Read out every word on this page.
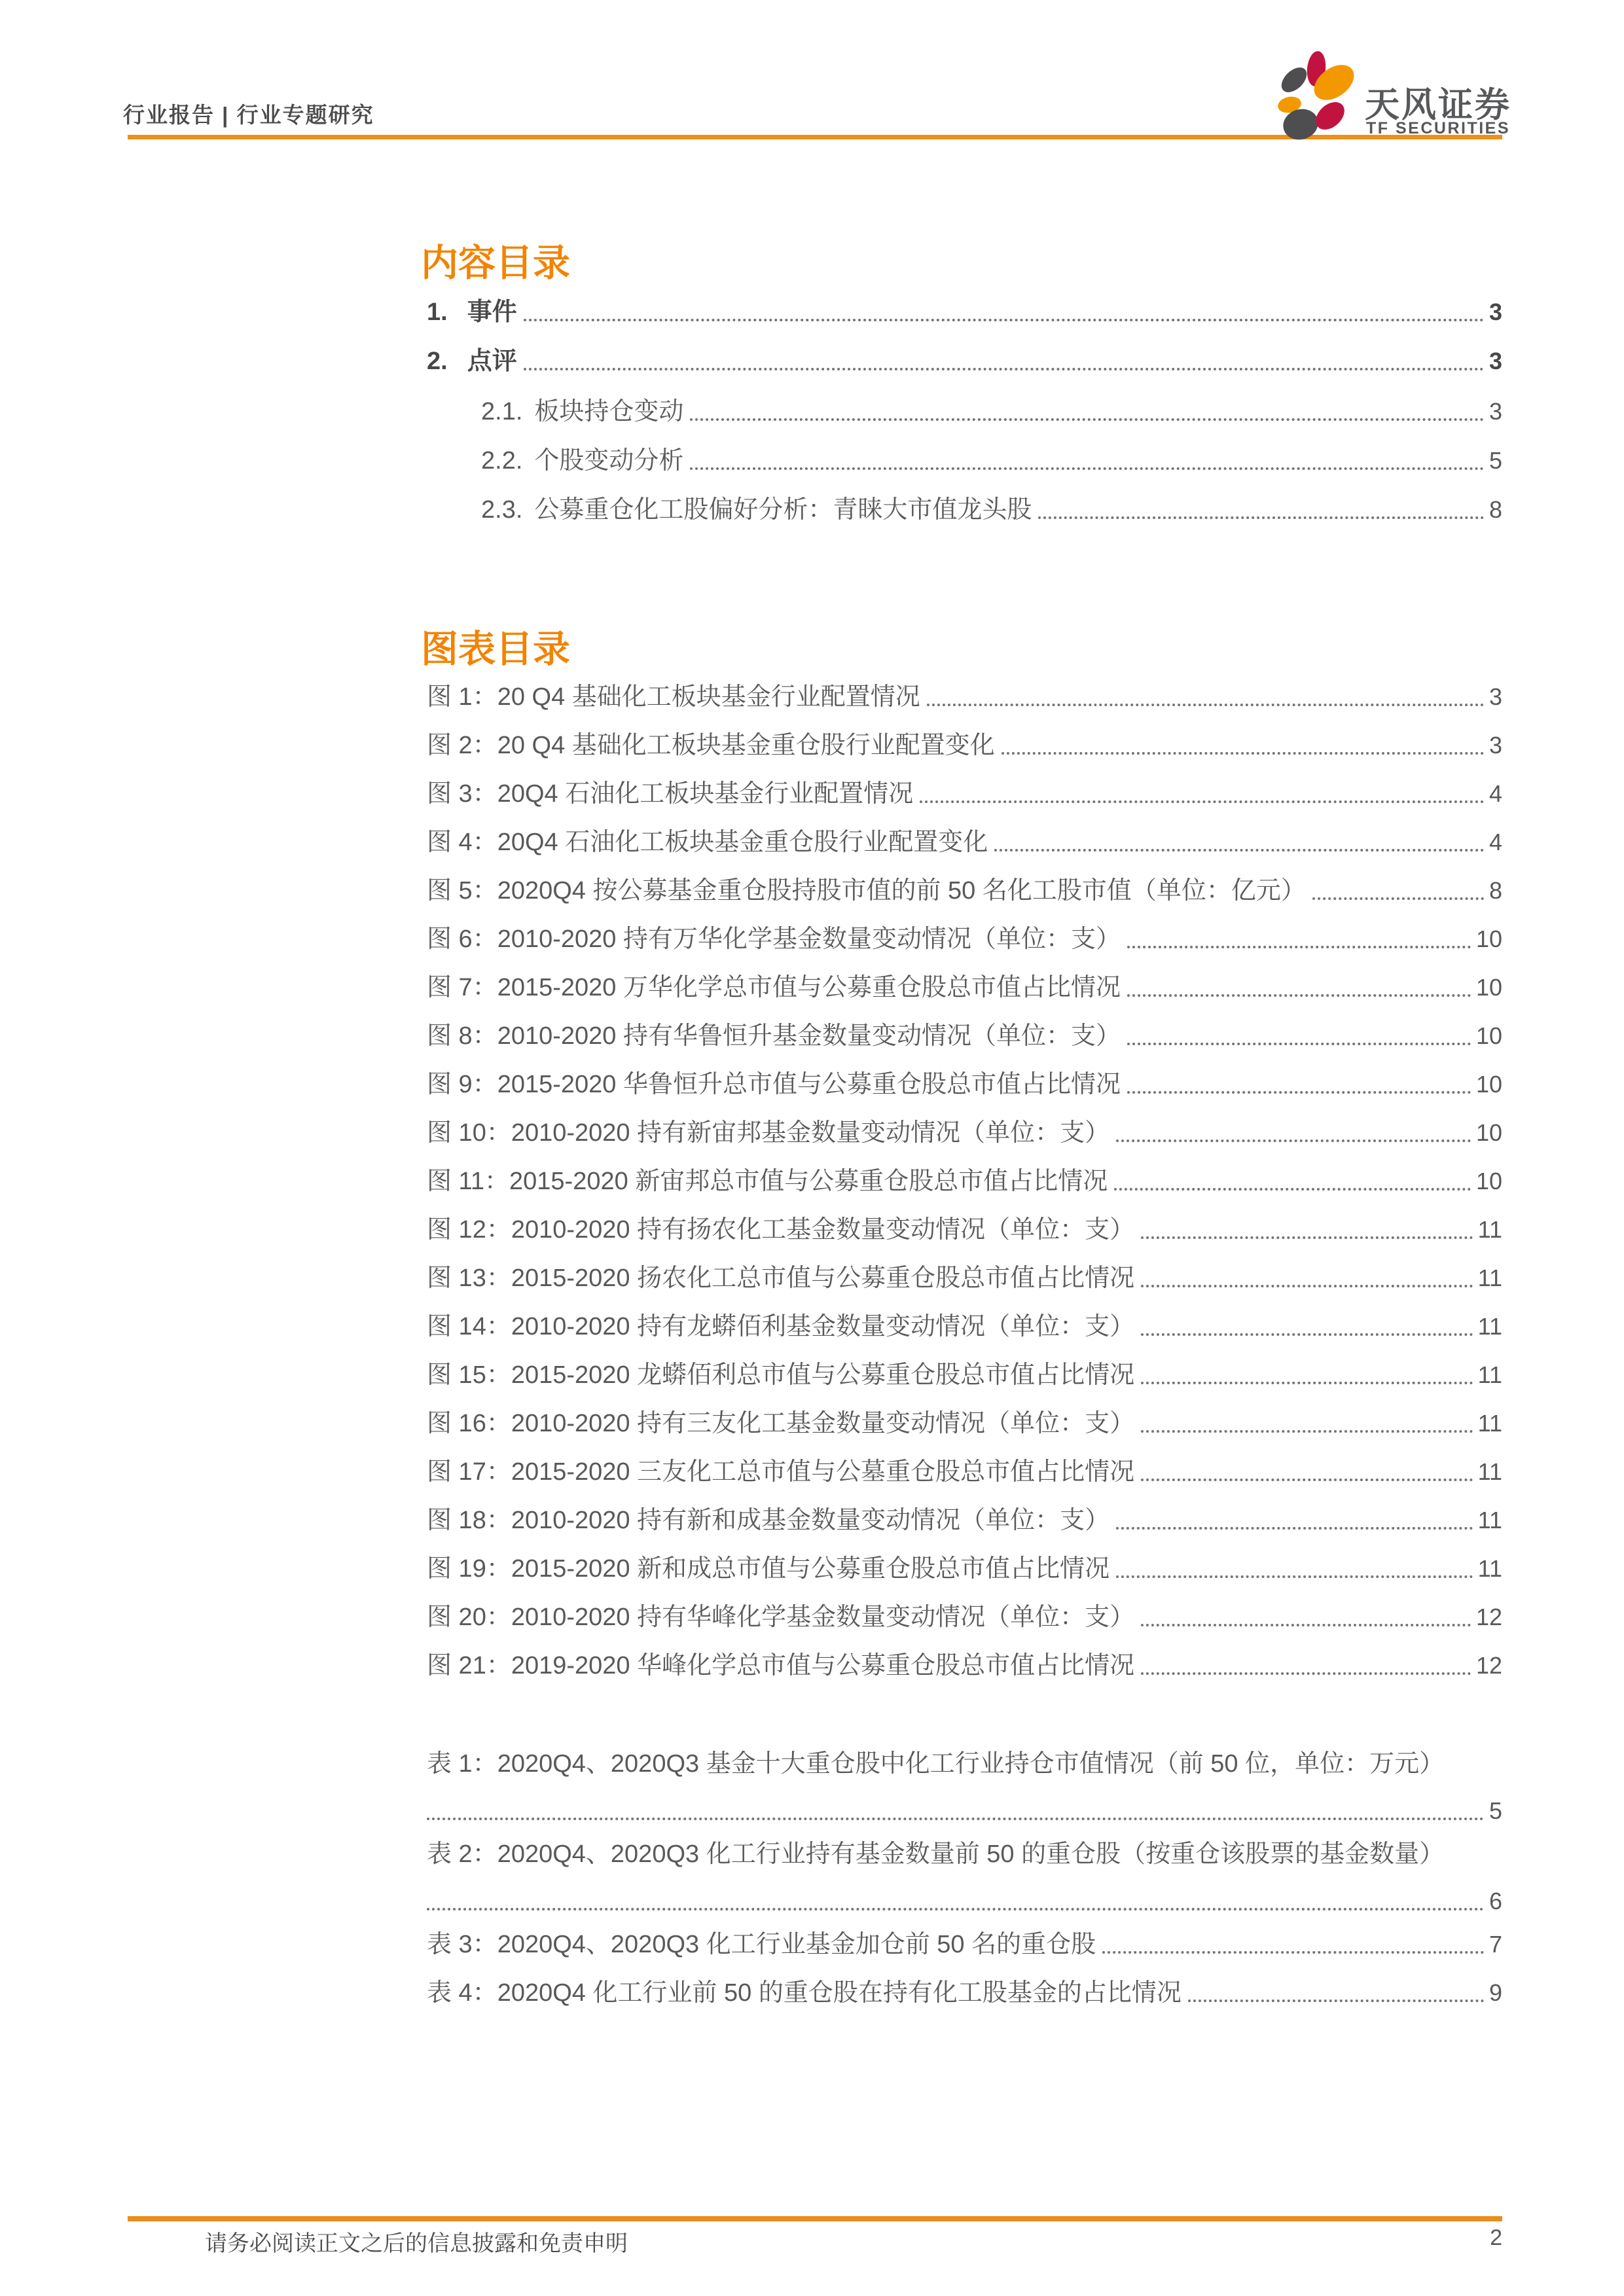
行业报告 | 行业专题研究	天风证券
TF SECURITIES
内容目录
1. 事件	3
2. 点评	3
2.1. 板块持仓变动	3
2.2. 个股变动分析	5
2.3. 公募重仓化工股偏好分析：青睐大市值龙头股	8
图表目录
图 1：20 Q4 基础化工板块基金行业配置情况	3
图 2：20 Q4 基础化工板块基金重仓股行业配置变化	3
图 3：20Q4 石油化工板块基金行业配置情况	4
图 4：20Q4 石油化工板块基金重仓股行业配置变化	4
图 5：2020Q4 按公募基金重仓股持股市值的前 50 名化工股市值（单位：亿元）	8
图 6：2010-2020 持有万华化学基金数量变动情况（单位：支）	10
图 7：2015-2020 万华化学总市值与公募重仓股总市值占比情况	10
图 8：2010-2020 持有华鲁恒升基金数量变动情况（单位：支）	10
图 9：2015-2020 华鲁恒升总市值与公募重仓股总市值占比情况	10
图 10：2010-2020 持有新宙邦基金数量变动情况（单位：支）	10
图 11：2015-2020 新宙邦总市值与公募重仓股总市值占比情况	10
图 12：2010-2020 持有扬农化工基金数量变动情况（单位：支）	11
图 13：2015-2020 扬农化工总市值与公募重仓股总市值占比情况	11
图 14：2010-2020 持有龙蟒佰利基金数量变动情况（单位：支）	11
图 15：2015-2020 龙蟒佰利总市值与公募重仓股总市值占比情况	11
图 16：2010-2020 持有三友化工基金数量变动情况（单位：支）	11
图 17：2015-2020 三友化工总市值与公墓重仓股总市值占比情况	11
图 18：2010-2020 持有新和成基金数量变动情况（单位：支）	11
图 19：2015-2020 新和成总市值与公募重仓股总市值占比情况	11
图 20：2010-2020 持有华峰化学基金数量变动情况（单位：支）	12
图 21：2019-2020 华峰化学总市值与公募重仓股总市值占比情况	12
表 1：2020Q4、2020Q3 基金十大重仓股中化工行业持仓市值情况（前 50 位，单位：万元）
5
表 2：2020Q4、2020Q3 化工行业持有基金数量前 50 的重仓股（按重仓该股票的基金数量）
6
表 3：2020Q4、2020Q3 化工行业基金加仓前 50 名的重仓股	7
表 4：2020Q4 化工行业前 50 的重仓股在持有化工股基金的占比情况	9
请务必阅读正文之后的信息披露和免责申明	2
